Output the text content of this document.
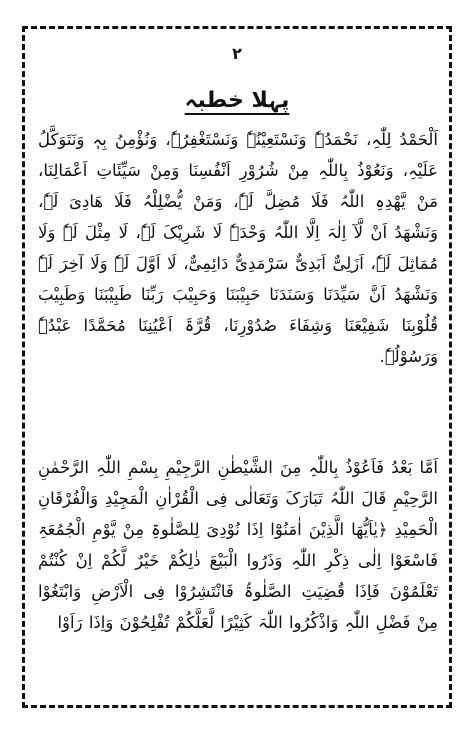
۲
پہلا خطبہ
اَلْحَمْدُ لِلّٰہِ، نَحْمَدُہٗ وَنَسْتَعِیْنُہٗ وَنَسْتَغْفِرُہٗ، وَنُؤْمِنُ بِہٖ وَنَتَوَکَّلُ عَلَیْہِ، وَنَعُوْذُ بِاللّٰہِ مِنْ شُرُوْرِ اَنْفُسِنَا وَمِنْ سَیِّئَاتِ اَعْمَالِنَا، مَنْ یَّھْدِہِ اللّٰہُ فَلَا مُضِلَّ لَہٗ، وَمَنْ یُّضْلِلْہُ فَلَا ھَادِیَ لَہٗ، وَنَشْھَدُ اَنْ لَّآ اِلٰہَ اِلَّا اللّٰہُ وَحْدَہٗ لَا شَرِیْکَ لَہٗ، لَا مِثْلَ لَہٗ وَلَا مُمَاثِلَ لَہٗ، اَزَلِیٌّ اَبَدِیٌّ سَرْمَدِیٌّ دَائِمِیٌّ، لَا اَوَّلَ لَہٗ وَلَا آخِرَ لَہٗ وَنَشْھَدُ اَنَّ سَیِّدَنَا وَسَنَدَنَا حَبِیْبَنَا وَحَبِیْبَ رَبِّنَا طَبِیْبَنَا وَطَبِیْبَ قُلُوْبِنَا شَفِیْعَنَا وَشِفَاءَ صُدُوْرِنَا، قُرَّۃَ اَعْیُنِنَا مُحَمَّدًا عَبْدُہٗ وَرَسُوْلُہٗ.
اَمَّا بَعْدُ فَاَعُوْذُ بِاللّٰہِ مِنَ الشَّیْطٰنِ الرَّجِیْمِ بِسْمِ اللّٰہِ الرَّحْمٰنِ الرَّحِیْمِ قَالَ اللّٰہُ تَبَارَکَ وَتَعَالٰی فِی الْقُرْاٰنِ الْمَجِیْدِ وَالْفُرْقَانِ الْحَمِیْدِ ﴿یٰاَیُّھَا الَّذِیْنَ اٰمَنُوْٓا اِذَا نُوْدِیَ لِلصَّلٰوۃِ مِنْ یَّوْمِ الْجُمُعَۃِ فَاسْعَوْا اِلٰی ذِکْرِ اللّٰہِ وَذَرُوا الْبَیْعَ ذٰلِکُمْ خَیْرٌ لَّکُمْ اِنْ کُنْتُمْ تَعْلَمُوْنَ فَاِذَا قُضِیَتِ الصَّلٰوۃُ فَانْتَشِرُوْا فِی الْاَرْضِ وَابْتَغُوْا مِنْ فَضْلِ اللّٰہِ وَاذْکُرُوا اللّٰہَ کَثِیْرًا لَّعَلَّکُمْ تُفْلِحُوْنَ وَاِذَا رَاَوْا
